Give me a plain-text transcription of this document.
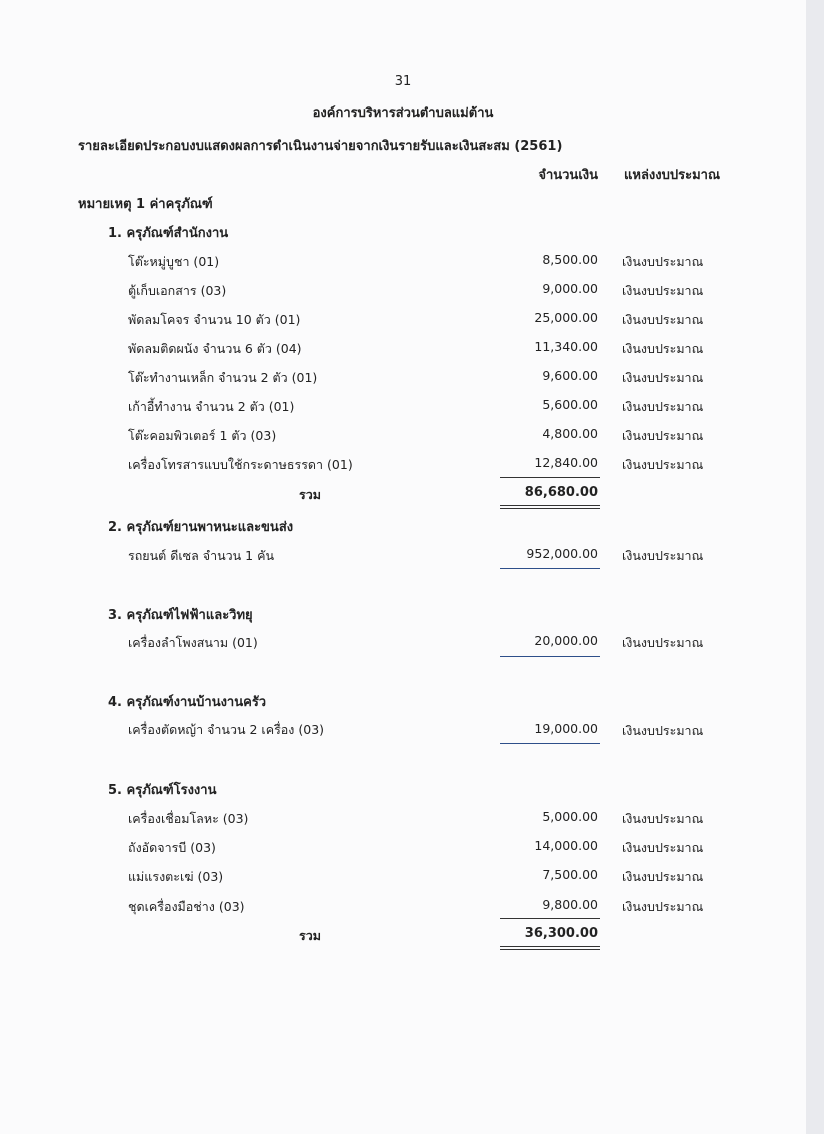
31
องค์การบริหารส่วนตำบลแม่ต้าน
รายละเอียดประกอบงบแสดงผลการดำเนินงานจ่ายจากเงินรายรับและเงินสะสม (2561)
จำนวนเงิน แหล่งงบประมาณ
หมายเหตุ 1 ค่าครุภัณฑ์
1. ครุภัณฑ์สำนักงาน
โต๊ะหมู่บูชา (01)	8,500.00 เงินงบประมาณ
ตู้เก็บเอกสาร (03)	9,000.00 เงินงบประมาณ
พัดลมโคจร จำนวน 10 ตัว (01)	25,000.00 เงินงบประมาณ
พัดลมติดผนัง จำนวน 6 ตัว (04)	11,340.00 เงินงบประมาณ
โต๊ะทำงานเหล็ก จำนวน 2 ตัว (01)	9,600.00 เงินงบประมาณ
เก้าอี้ทำงาน จำนวน 2 ตัว (01)	5,600.00 เงินงบประมาณ
โต๊ะคอมพิวเตอร์ 1 ตัว (03)	4,800.00 เงินงบประมาณ
เครื่องโทรสารแบบใช้กระดาษธรรดา (01)	12,840.00 เงินงบประมาณ
รวม	86,680.00
2. ครุภัณฑ์ยานพาหนะและขนส่ง
รถยนต์ ดีเซล จำนวน 1 คัน	952,000.00 เงินงบประมาณ
3. ครุภัณฑ์ไฟฟ้าและวิทยุ
เครื่องลำโพงสนาม (01)	20,000.00 เงินงบประมาณ
4. ครุภัณฑ์งานบ้านงานครัว
เครื่องตัดหญ้า จำนวน 2 เครื่อง (03)	19,000.00 เงินงบประมาณ
5. ครุภัณฑ์โรงงาน
เครื่องเชื่อมโลหะ (03)	5,000.00 เงินงบประมาณ
ถังอัดจารบี (03)	14,000.00 เงินงบประมาณ
แม่แรงตะเฆ่ (03)	7,500.00 เงินงบประมาณ
ชุดเครื่องมือช่าง (03)	9,800.00 เงินงบประมาณ
รวม	36,300.00
